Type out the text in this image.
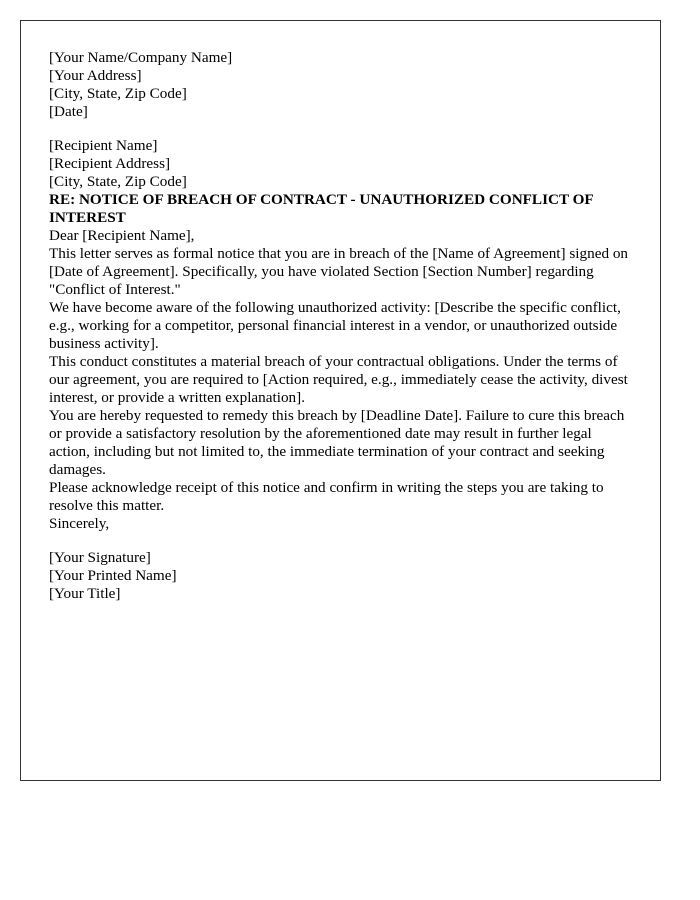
[Your Name/Company Name]
[Your Address]
[City, State, Zip Code]
[Date]
[Recipient Name]
[Recipient Address]
[City, State, Zip Code]

RE: NOTICE OF BREACH OF CONTRACT - UNAUTHORIZED CONFLICT OF INTEREST

Dear [Recipient Name],

This letter serves as formal notice that you are in breach of the [Name of Agreement] signed on [Date of Agreement]. Specifically, you have violated Section [Section Number] regarding "Conflict of Interest."

We have become aware of the following unauthorized activity: [Describe the specific conflict, e.g., working for a competitor, personal financial interest in a vendor, or unauthorized outside business activity].

This conduct constitutes a material breach of your contractual obligations. Under the terms of our agreement, you are required to [Action required, e.g., immediately cease the activity, divest interest, or provide a written explanation].

You are hereby requested to remedy this breach by [Deadline Date]. Failure to cure this breach or provide a satisfactory resolution by the aforementioned date may result in further legal action, including but not limited to, the immediate termination of your contract and seeking damages.

Please acknowledge receipt of this notice and confirm in writing the steps you are taking to resolve this matter.

Sincerely,

[Your Signature]
[Your Printed Name]
[Your Title]
